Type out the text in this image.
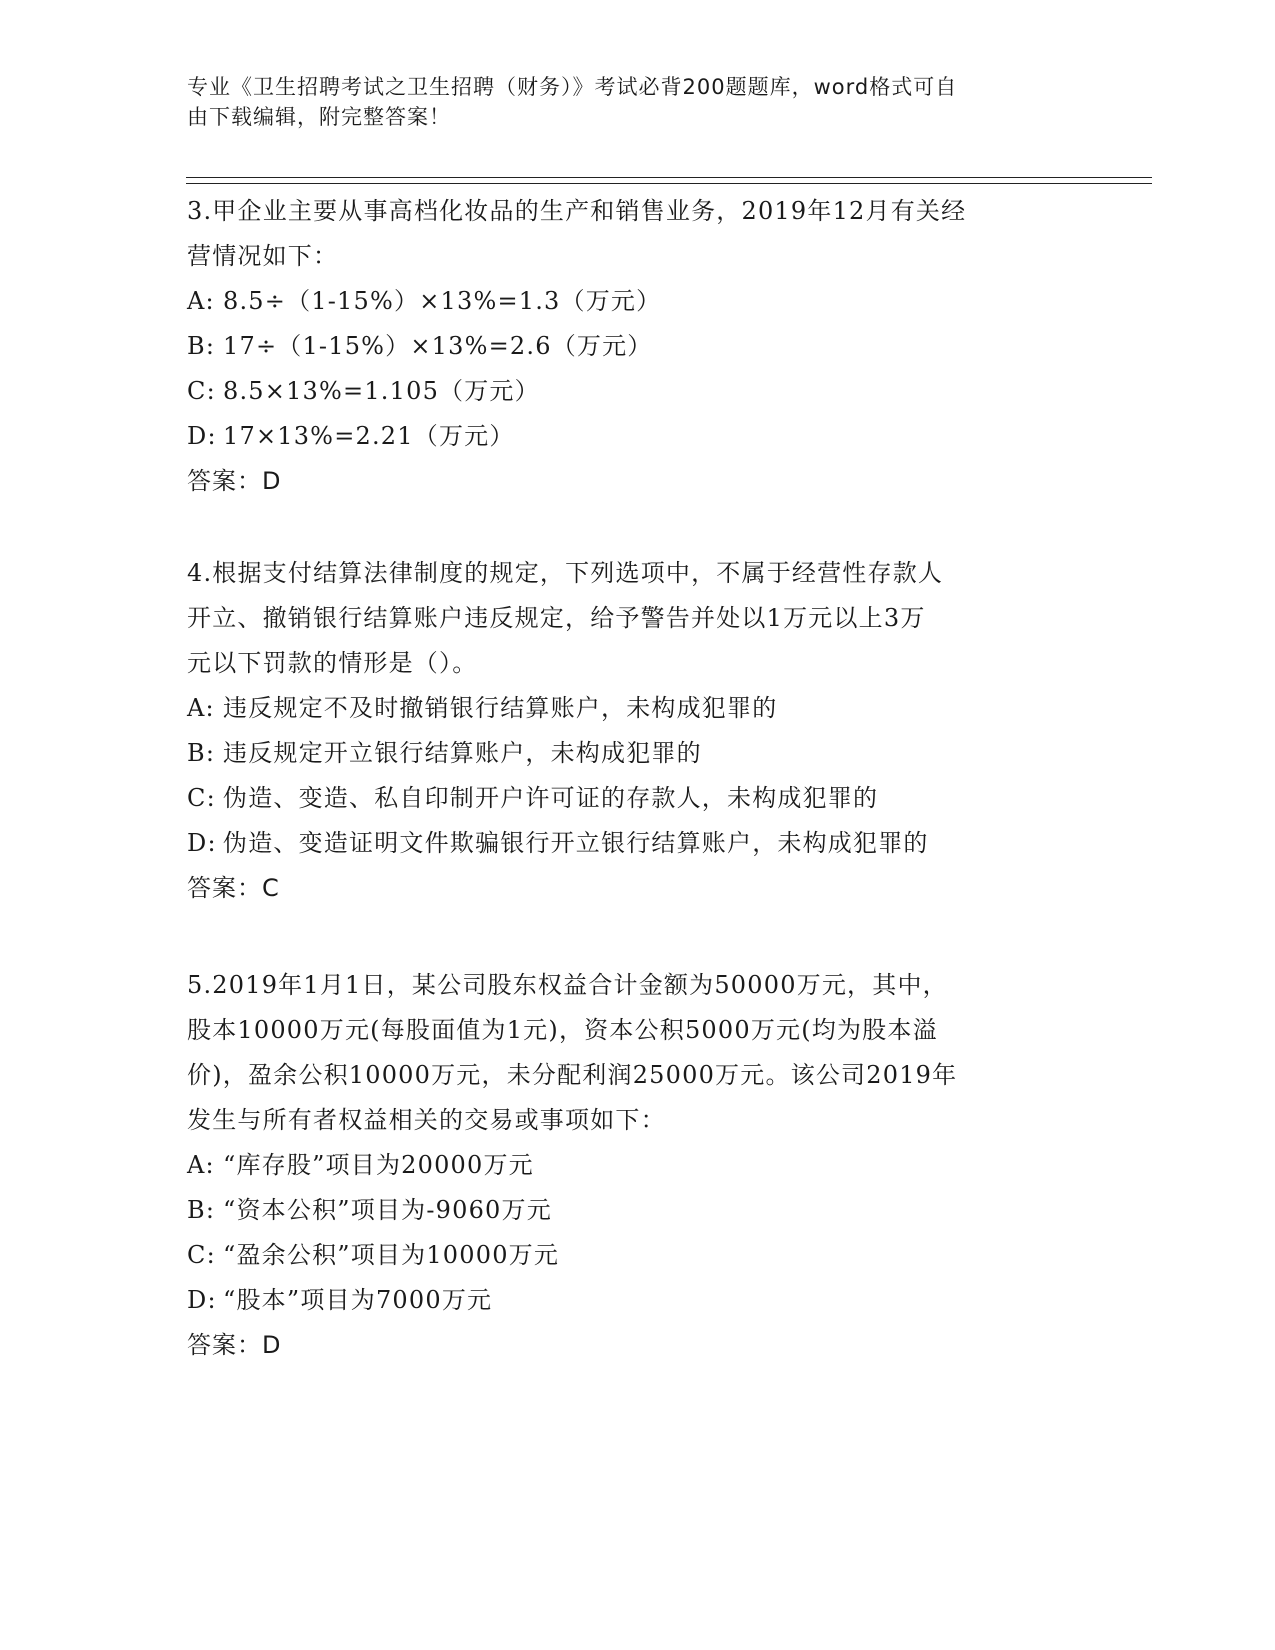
专业《卫生招聘考试之卫生招聘（财务）》考试必背200题题库，word格式可自
由下载编辑，附完整答案！
3.甲企业主要从事高档化妆品的生产和销售业务，2019年12月有关经
营情况如下：
A: 8.5÷（1-15%）×13%=1.3（万元）
B: 17÷（1-15%）×13%=2.6（万元）
C: 8.5×13%=1.105（万元）
D: 17×13%=2.21（万元）
答案：D
4.根据支付结算法律制度的规定，下列选项中，不属于经营性存款人
开立、撤销银行结算账户违反规定，给予警告并处以1万元以上3万
元以下罚款的情形是（）。
A: 违反规定不及时撤销银行结算账户，未构成犯罪的
B: 违反规定开立银行结算账户，未构成犯罪的
C: 伪造、变造、私自印制开户许可证的存款人，未构成犯罪的
D: 伪造、变造证明文件欺骗银行开立银行结算账户，未构成犯罪的
答案：C
5.2019年1月1日，某公司股东权益合计金额为50000万元，其中，
股本10000万元(每股面值为1元)，资本公积5000万元(均为股本溢
价)，盈余公积10000万元，未分配利润25000万元。该公司2019年
发生与所有者权益相关的交易或事项如下：
A: “库存股”项目为20000万元
B: “资本公积”项目为-9060万元
C: “盈余公积”项目为10000万元
D: “股本”项目为7000万元
答案：D
